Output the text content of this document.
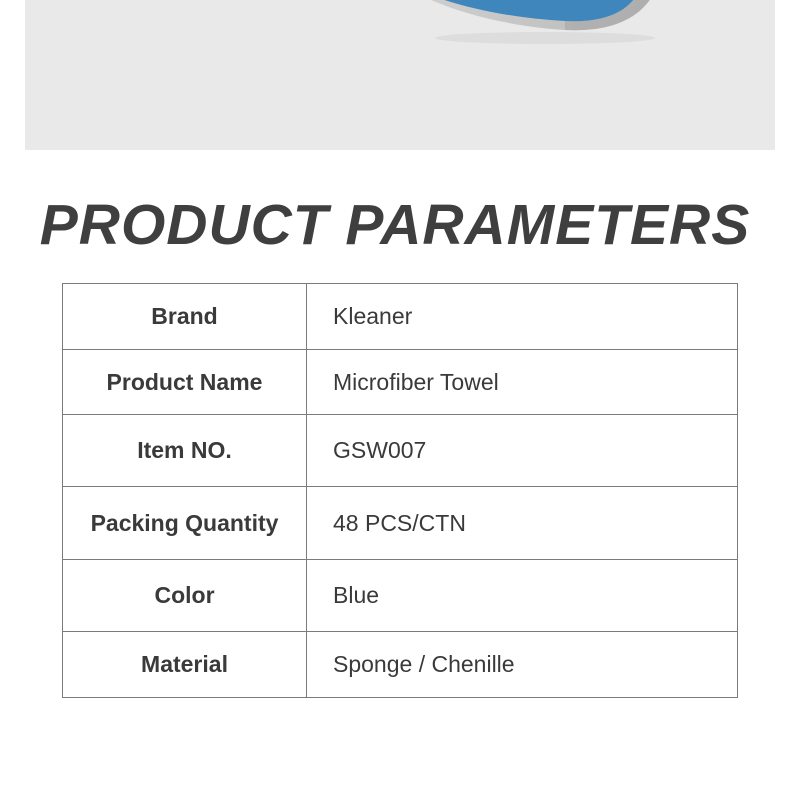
PRODUCT PARAMETERS
Brand	Kleaner
Product Name	Microfiber Towel
Item NO.	GSW007
Packing Quantity	48 PCS/CTN
Color	Blue
Material	Sponge / Chenille
